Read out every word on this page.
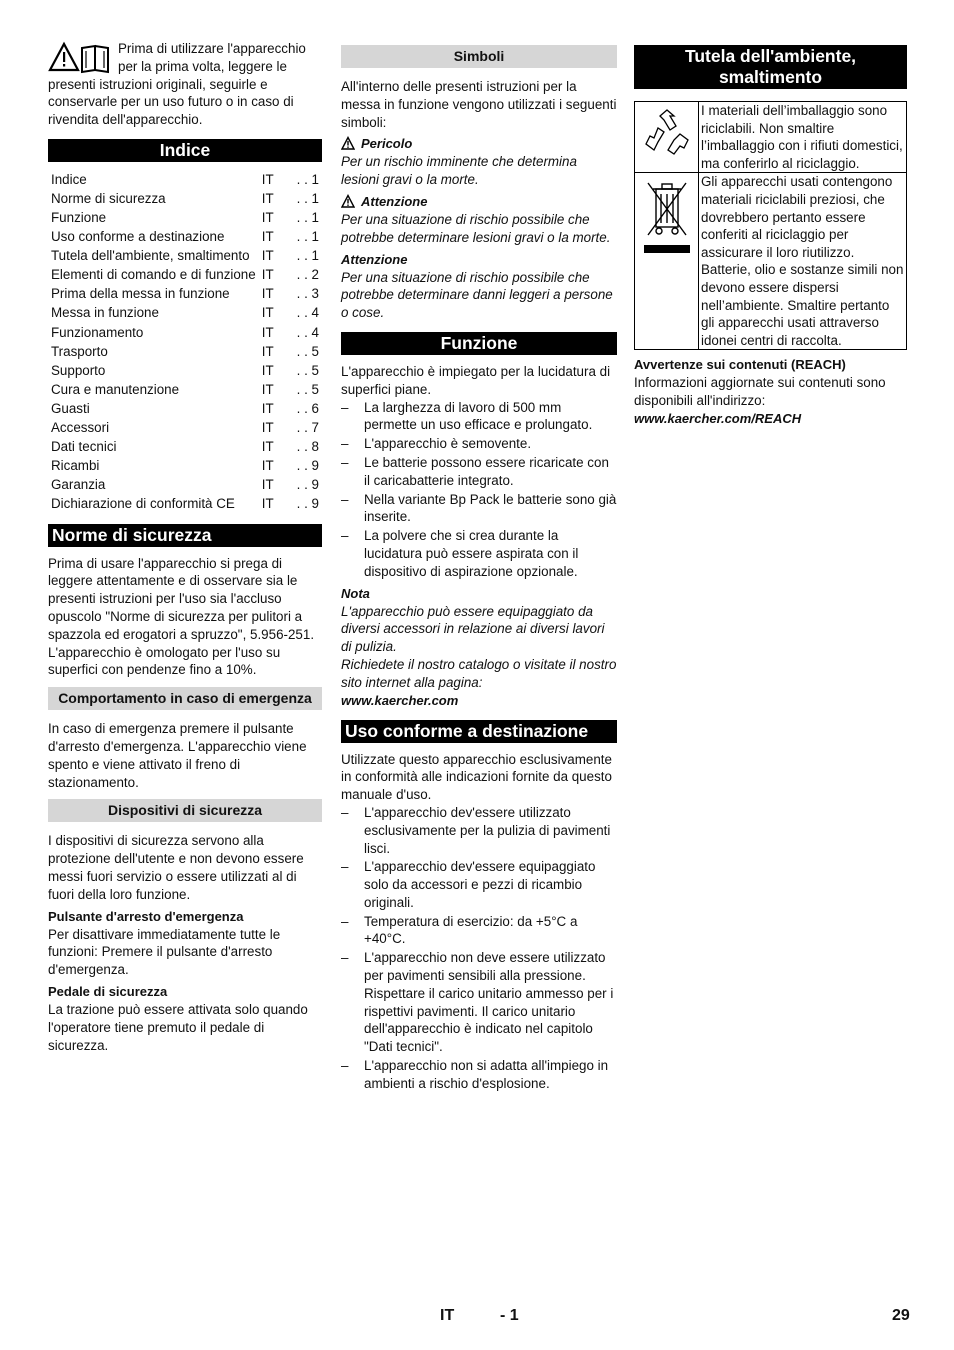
Prima di utilizzare l'apparecchio per la prima volta, leggere le presenti istruzioni originali, seguirle e conservarle per un uso futuro o in caso di rivendita dell'apparecchio.

Indice
Indice	IT	. . 1
Norme di sicurezza	IT	. . 1
Funzione	IT	. . 1
Uso conforme a destinazione	IT	. . 1
Tutela dell'ambiente, smaltimento	IT	. . 1
Elementi di comando e di funzione	IT	. . 2
Prima della messa in funzione	IT	. . 3
Messa in funzione	IT	. . 4
Funzionamento	IT	. . 4
Trasporto	IT	. . 5
Supporto	IT	. . 5
Cura e manutenzione	IT	. . 5
Guasti	IT	. . 6
Accessori	IT	. . 7
Dati tecnici	IT	. . 8
Ricambi	IT	. . 9
Garanzia	IT	. . 9
Dichiarazione di conformità CE	IT	. . 9
Norme di sicurezza

Prima di usare l'apparecchio si prega di leggere attentamente e di osservare sia le presenti istruzioni per l'uso sia l'accluso opuscolo "Norme di sicurezza per pulitori a spazzola ed erogatori a spruzzo", 5.956-251.

L'apparecchio è omologato per l'uso su superfici con pendenze fino a 10%.

Comportamento in caso di emergenza

In caso di emergenza premere il pulsante d'arresto d'emergenza. L'apparecchio viene spento e viene attivato il freno di stazionamento.

Dispositivi di sicurezza

I dispositivi di sicurezza servono alla protezione dell'utente e non devono essere messi fuori servizio o essere utilizzati al di fuori della loro funzione.

Pulsante d'arresto d'emergenza

Per disattivare immediatamente tutte le funzioni: Premere il pulsante d'arresto d'emergenza.

Pedale di sicurezza

La trazione può essere attivata solo quando l'operatore tiene premuto il pedale di sicurezza.

Simboli

All'interno delle presenti istruzioni per la messa in funzione vengono utilizzati i seguenti simboli:

Pericolo

Per un rischio imminente che determina lesioni gravi o la morte.

Attenzione

Per una situazione di rischio possibile che potrebbe determinare lesioni gravi o la morte.

Attenzione

Per una situazione di rischio possibile che potrebbe determinare danni leggeri a persone o cose.

Funzione

L'apparecchio è impiegato per la lucidatura di superfici piane.

– La larghezza di lavoro di 500 mm permette un uso efficace e prolungato.
– L'apparecchio è semovente.
– Le batterie possono essere ricaricate con il caricabatterie integrato.
– Nella variante Bp Pack le batterie sono già inserite.
– La polvere che si crea durante la lucidatura può essere aspirata con il dispositivo di aspirazione opzionale.
Nota

L'apparecchio può essere equipaggiato da diversi accessori in relazione ai diversi lavori di pulizia.

Richiedete il nostro catalogo o visitate il nostro sito internet alla pagina:

www.kaercher.com
Uso conforme a destinazione

Utilizzate questo apparecchio esclusivamente in conformità alle indicazioni fornite da questo manuale d'uso.

– L'apparecchio dev'essere utilizzato esclusivamente per la pulizia di pavimenti lisci.
– L'apparecchio dev'essere equipaggiato solo da accessori e pezzi di ricambio originali.
– Temperatura di esercizio: da +5°C a +40°C.
– L'apparecchio non deve essere utilizzato per pavimenti sensibili alla pressione. Rispettare il carico unitario ammesso per i rispettivi pavimenti. Il carico unitario dell'apparecchio è indicato nel capitolo "Dati tecnici".
– L'apparecchio non si adatta all'impiego in ambienti a rischio d'esplosione.
Tutela dell'ambiente, smaltimento
	I materiali dell’imballaggio sono riciclabili. Non smaltire l’imballaggio con i rifiuti domestici, ma conferirlo al riciclaggio.
	Gli apparecchi usati contengono materiali riciclabili preziosi, che dovrebbero pertanto essere conferiti al riciclaggio per assicurare il loro riutilizzo. Batterie, olio e sostanze simili non devono essere dispersi nell’ambiente. Smaltire pertanto gli apparecchi usati attraverso idonei centri di raccolta.
Avvertenze sui contenuti (REACH)

Informazioni aggiornate sui contenuti sono disponibili all'indirizzo:

www.kaercher.com/REACH
IT	- 1	29
